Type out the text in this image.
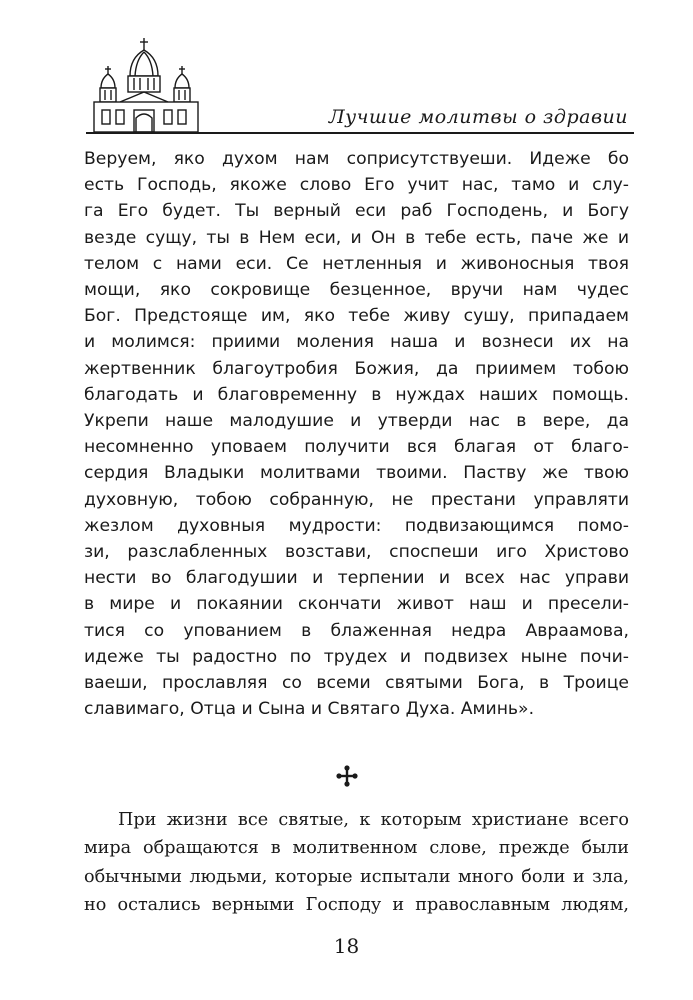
Лучшие молитвы о здравии
Веруем, яко духом нам соприсутствуеши. Идеже бо
есть Господь, якоже слово Его учит нас, тамо и слу-
га Его будет. Ты верный еси раб Господень, и Богу
везде сущу, ты в Нем еси, и Он в тебе есть, паче же и
телом с нами еси. Се нетленныя и живоносныя твоя
мощи, яко сокровище безценное, вручи нам чудес
Бог. Предстояще им, яко тебе живу сушу, припадаем
и молимся: приими моления наша и вознеси их на
жертвенник благоутробия Божия, да приимем тобою
благодать и благовременну в нуждах наших помощь.
Укрепи наше малодушие и утверди нас в вере, да
несомненно уповаем получити вся благая от благо-
сердия Владыки молитвами твоими. Паству же твою
духовную, тобою собранную, не престани управляти
жезлом духовныя мудрости: подвизающимся помо-
зи, разслабленных возстави, споспеши иго Христово
нести во благодушии и терпении и всех нас управи
в мире и покаянии скончати живот наш и пресели-
тися со упованием в блаженная недра Авраамова,
идеже ты радостно по трудех и подвизех ныне почи-
ваеши, прославляя со всеми святыми Бога, в Троице
славимаго, Отца и Сына и Святаго Духа. Аминь».
При жизни все святые, к которым христиане всего
мира обращаются в молитвенном слове, прежде были
обычными людьми, которые испытали много боли и зла,
но остались верными Господу и православным людям,
18
